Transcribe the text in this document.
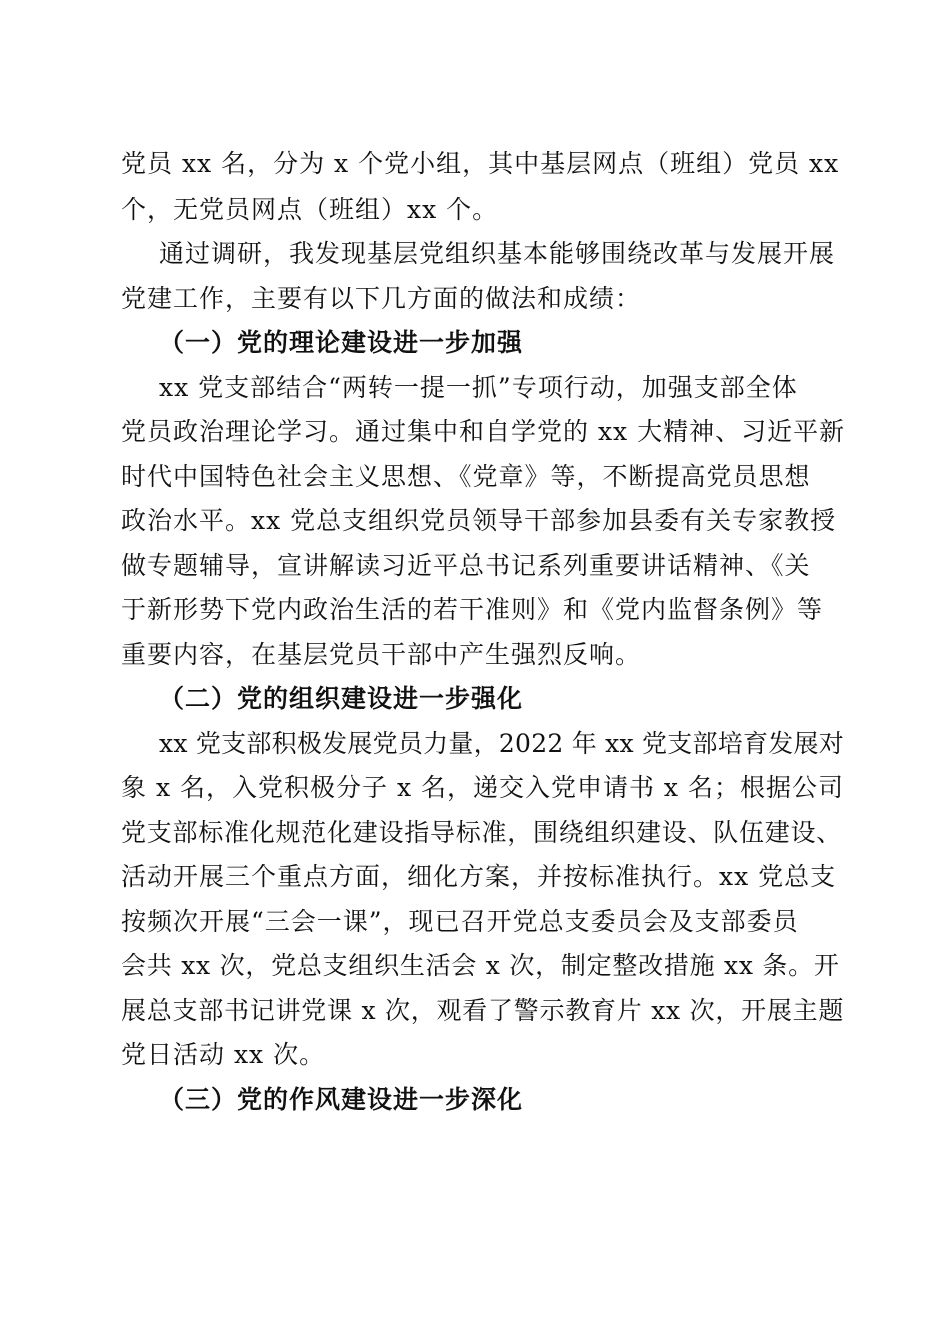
党员 xx 名，分为 x 个党小组，其中基层网点（班组）党员 xx
个，无党员网点（班组）xx 个。
通过调研，我发现基层党组织基本能够围绕改革与发展开展
党建工作，主要有以下几方面的做法和成绩：
（一）党的理论建设进一步加强
xx 党支部结合“两转一提一抓”专项行动，加强支部全体
党员政治理论学习。通过集中和自学党的 xx 大精神、习近平新
时代中国特色社会主义思想、《党章》等，不断提高党员思想
政治水平。xx 党总支组织党员领导干部参加县委有关专家教授
做专题辅导，宣讲解读习近平总书记系列重要讲话精神、《关
于新形势下党内政治生活的若干准则》和《党内监督条例》等
重要内容，在基层党员干部中产生强烈反响。
（二）党的组织建设进一步强化
xx 党支部积极发展党员力量，2022 年 xx 党支部培育发展对
象 x 名，入党积极分子 x 名，递交入党申请书 x 名；根据公司
党支部标准化规范化建设指导标准，围绕组织建设、队伍建设、
活动开展三个重点方面，细化方案，并按标准执行。xx 党总支
按频次开展“三会一课”，现已召开党总支委员会及支部委员
会共 xx 次，党总支组织生活会 x 次，制定整改措施 xx 条。开
展总支部书记讲党课 x 次，观看了警示教育片 xx 次，开展主题
党日活动 xx 次。
（三）党的作风建设进一步深化
